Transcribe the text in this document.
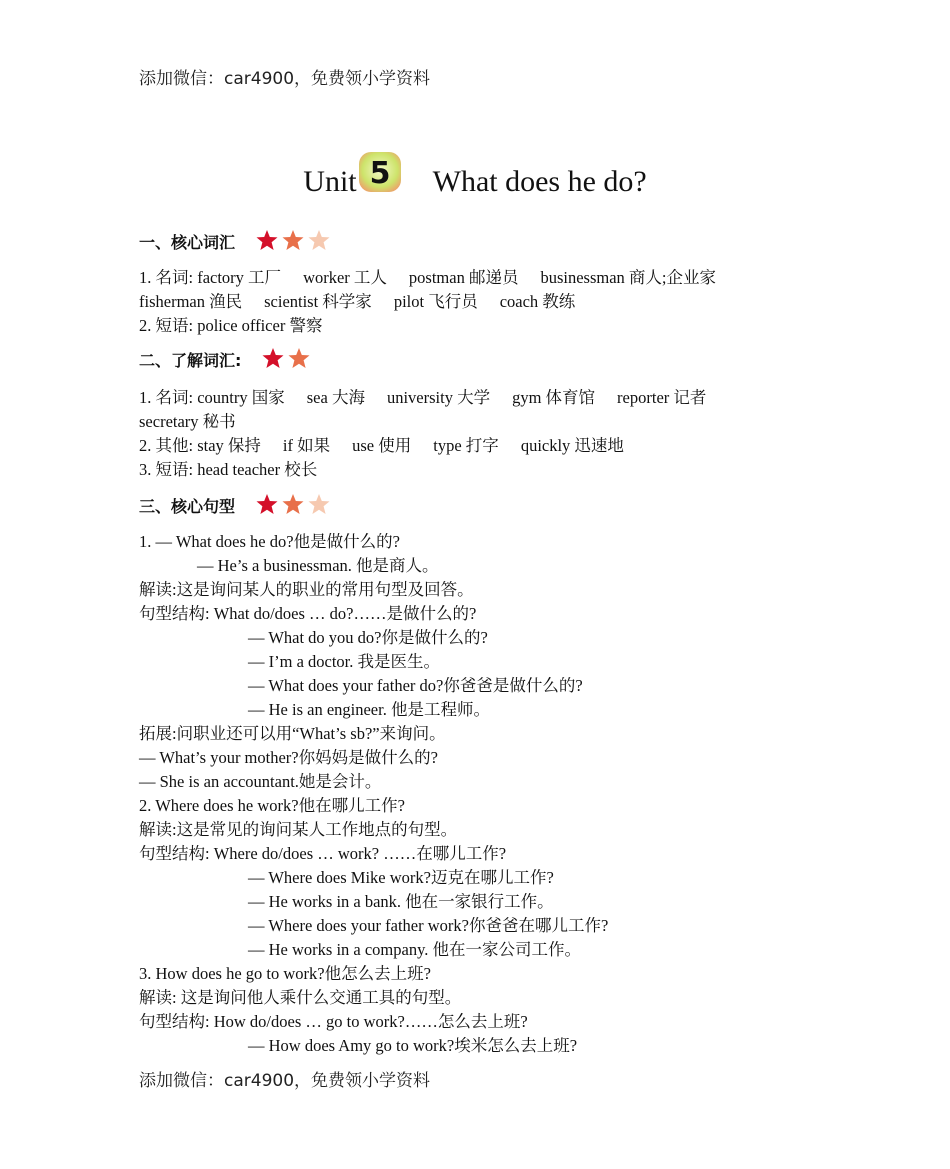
添加微信：car4900，免费领小学资料
Unit 5 What does he do?
一、核心词汇
1. 名词: factory 工厂 worker 工人 postman 邮递员 businessman 商人;企业家
fisherman 渔民 scientist 科学家 pilot 飞行员 coach 教练
2. 短语: police officer 警察
二、了解词汇:
1. 名词: country 国家 sea 大海 university 大学 gym 体育馆 reporter 记者
secretary 秘书
2. 其他: stay 保持 if 如果 use 使用 type 打字 quickly 迅速地
3. 短语: head teacher 校长
三、核心句型
1. — What does he do?他是做什么的?
— He’s a businessman. 他是商人。
解读:这是询问某人的职业的常用句型及回答。
句型结构: What do/does … do?……是做什么的?
— What do you do?你是做什么的?
— I’m a doctor. 我是医生。
— What does your father do?你爸爸是做什么的?
— He is an engineer. 他是工程师。
拓展:问职业还可以用“What’s sb?”来询问。
— What’s your mother?你妈妈是做什么的?
— She is an accountant.她是会计。
2. Where does he work?他在哪儿工作?
解读:这是常见的询问某人工作地点的句型。
句型结构: Where do/does … work? ……在哪儿工作?
— Where does Mike work?迈克在哪儿工作?
— He works in a bank. 他在一家银行工作。
— Where does your father work?你爸爸在哪儿工作?
— He works in a company. 他在一家公司工作。
3. How does he go to work?他怎么去上班?
解读: 这是询问他人乘什么交通工具的句型。
句型结构: How do/does … go to work?……怎么去上班?
— How does Amy go to work?埃米怎么去上班?
添加微信：car4900，免费领小学资料
